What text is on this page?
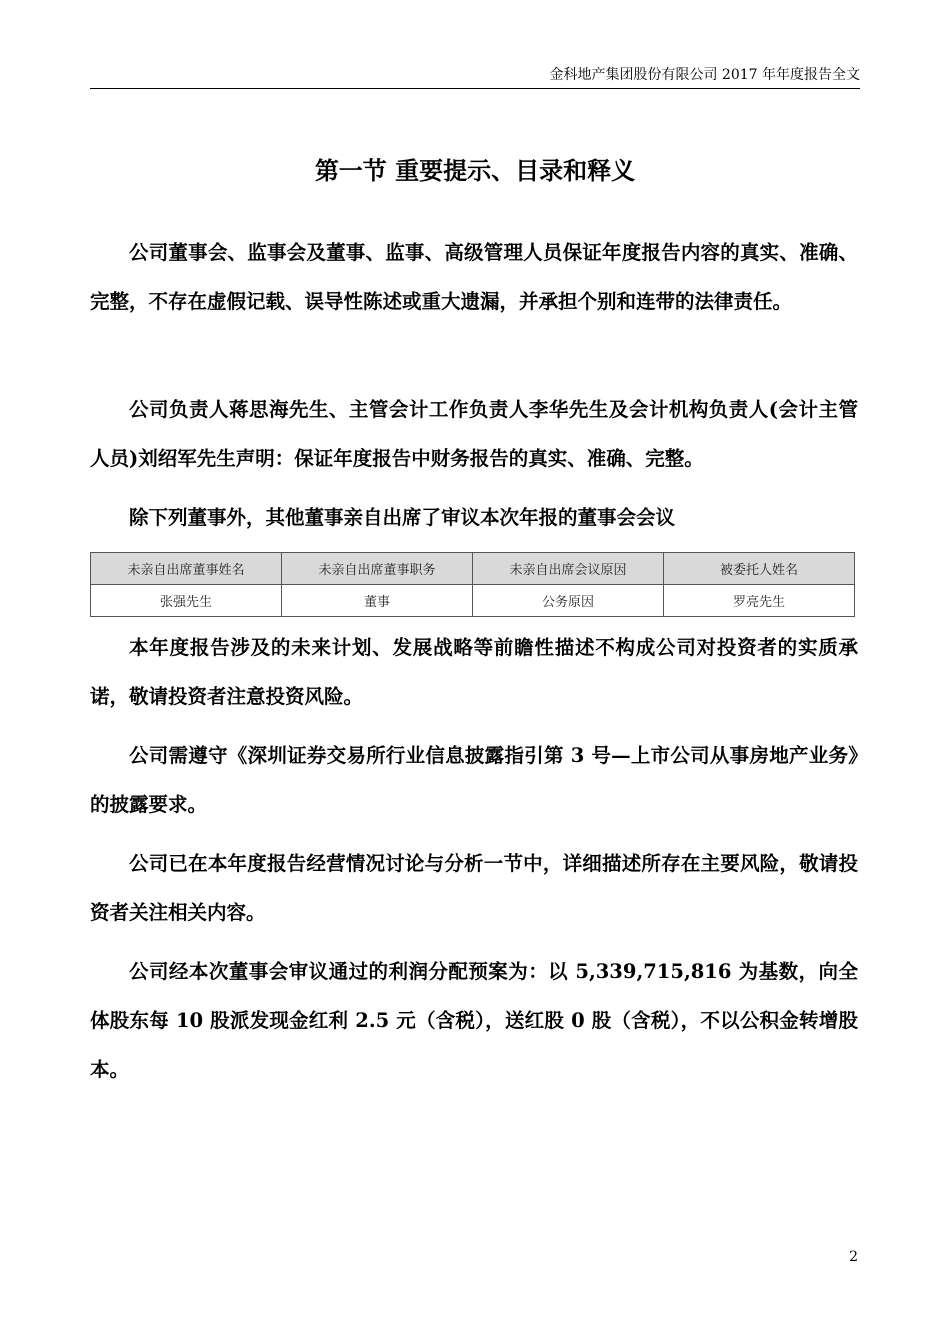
金科地产集团股份有限公司 2017 年年度报告全文
第一节 重要提示、目录和释义
公司董事会、监事会及董事、监事、高级管理人员保证年度报告内容的真实、准确、完整，不存在虚假记载、误导性陈述或重大遗漏，并承担个别和连带的法律责任。
公司负责人蒋思海先生、主管会计工作负责人李华先生及会计机构负责人(会计主管人员)刘绍军先生声明：保证年度报告中财务报告的真实、准确、完整。
除下列董事外，其他董事亲自出席了审议本次年报的董事会会议
未亲自出席董事姓名	未亲自出席董事职务	未亲自出席会议原因	被委托人姓名
张强先生	董事	公务原因	罗亮先生
本年度报告涉及的未来计划、发展战略等前瞻性描述不构成公司对投资者的实质承诺，敬请投资者注意投资风险。
公司需遵守《深圳证券交易所行业信息披露指引第 3 号—上市公司从事房地产业务》的披露要求。
公司已在本年度报告经营情况讨论与分析一节中，详细描述所存在主要风险，敬请投资者关注相关内容。
公司经本次董事会审议通过的利润分配预案为：以 5,339,715,816 为基数，向全体股东每 10 股派发现金红利 2.5 元（含税），送红股 0 股（含税），不以公积金转增股本。
2
